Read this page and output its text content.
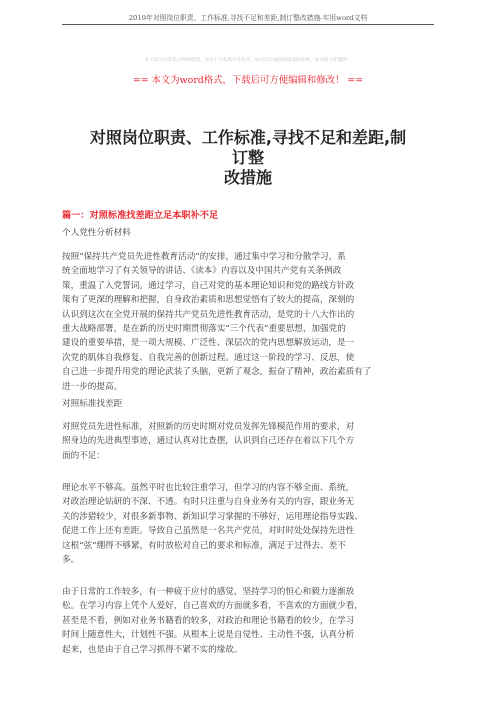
2019年对照岗位职责、工作标准,寻找不足和差距,制订整改措施-实用word文档
本文部分内容来自网络整理，本司不为其真实性负责，如有异议或侵权请及时联系，本司将立即删除！
== 本文为word格式，下载后可方便编辑和修改！ ==
对照岗位职责、工作标准,寻找不足和差距,制订整
改措施
篇一：对照标准找差距立足本职补不足
个人党性分析材料
按照“保持共产党员先进性教育活动”的安排，通过集中学习和分散学习，系
统全面地学习了有关领导的讲话、《读本》内容以及中国共产党有关条例政
策，重温了入党誓词。通过学习，自己对党的基本理论知识和党的路线方针政
策有了更深的理解和把握，自身政治素质和思想觉悟有了较大的提高，深刻的
认识到这次在全党开展的保持共产党员先进性教育活动，是党的十八大作出的
重大战略部署，是在新的历史时期贯彻落实“三个代表”重要思想，加强党的
建设的重要举措，是一项大规模、广泛性、深层次的党内思想解放运动，是一
次党的肌体自我修复、自我完善的创新过程。通过这一阶段的学习、反思，使
自己进一步提升用党的理论武装了头脑，更新了观念，振奋了精神，政治素质有了
进一步的提高。
对照标准找差距
对照党员先进性标准，对照新的历史时期对党员发挥先锋模范作用的要求，对
照身边的先进典型事迹，通过认真对比查摆，认识到自己还存在着以下几个方
面的不足：
理论水平不够高。虽然平时也比较注重学习，但学习的内容不够全面、系统，
对政治理论钻研的不深、不透。有时只注重与自身业务有关的内容，跟业务无
关的涉猎较少，对很多新事物、新知识学习掌握的不够好，运用理论指导实践、
促进工作上还有差距。导致自己虽然是一名共产党员，对时时处处保持先进性
这根“弦”绷得不够紧，有时放松对自己的要求和标准，满足于过得去、差不
多。
由于日常的工作较多，有一种疲于应付的感觉，坚持学习的恒心和毅力逐渐放
松。在学习内容上凭个人爱好，自己喜欢的方面就多看，不喜欢的方面就少看，
甚至是不看，例如对业务书籍看的较多，对政治和理论书籍看的较少，在学习
时间上随意性大，计划性不强。从根本上说是自觉性、主动性不强，认真分析
起来，也是由于自己学习抓得不紧不实的缘故。
